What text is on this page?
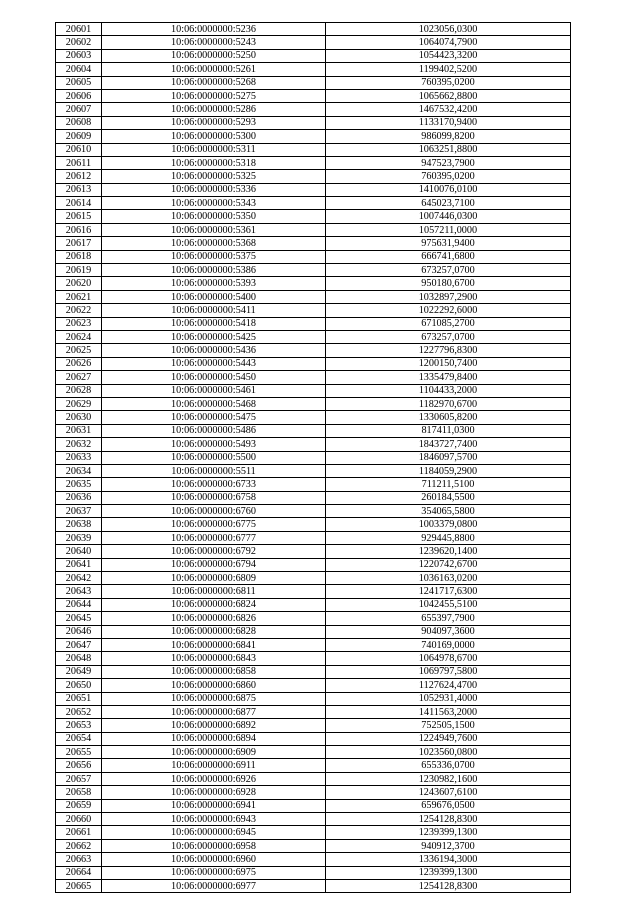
20601	10:06:0000000:5236	1023056,0300
20602	10:06:0000000:5243	1064074,7900
20603	10:06:0000000:5250	1054423,3200
20604	10:06:0000000:5261	1199402,5200
20605	10:06:0000000:5268	760395,0200
20606	10:06:0000000:5275	1065662,8800
20607	10:06:0000000:5286	1467532,4200
20608	10:06:0000000:5293	1133170,9400
20609	10:06:0000000:5300	986099,8200
20610	10:06:0000000:5311	1063251,8800
20611	10:06:0000000:5318	947523,7900
20612	10:06:0000000:5325	760395,0200
20613	10:06:0000000:5336	1410076,0100
20614	10:06:0000000:5343	645023,7100
20615	10:06:0000000:5350	1007446,0300
20616	10:06:0000000:5361	1057211,0000
20617	10:06:0000000:5368	975631,9400
20618	10:06:0000000:5375	666741,6800
20619	10:06:0000000:5386	673257,0700
20620	10:06:0000000:5393	950180,6700
20621	10:06:0000000:5400	1032897,2900
20622	10:06:0000000:5411	1022292,6000
20623	10:06:0000000:5418	671085,2700
20624	10:06:0000000:5425	673257,0700
20625	10:06:0000000:5436	1227796,8300
20626	10:06:0000000:5443	1200150,7400
20627	10:06:0000000:5450	1335479,8400
20628	10:06:0000000:5461	1104433,2000
20629	10:06:0000000:5468	1182970,6700
20630	10:06:0000000:5475	1330605,8200
20631	10:06:0000000:5486	817411,0300
20632	10:06:0000000:5493	1843727,7400
20633	10:06:0000000:5500	1846097,5700
20634	10:06:0000000:5511	1184059,2900
20635	10:06:0000000:6733	711211,5100
20636	10:06:0000000:6758	260184,5500
20637	10:06:0000000:6760	354065,5800
20638	10:06:0000000:6775	1003379,0800
20639	10:06:0000000:6777	929445,8800
20640	10:06:0000000:6792	1239620,1400
20641	10:06:0000000:6794	1220742,6700
20642	10:06:0000000:6809	1036163,0200
20643	10:06:0000000:6811	1241717,6300
20644	10:06:0000000:6824	1042455,5100
20645	10:06:0000000:6826	655397,7900
20646	10:06:0000000:6828	904097,3600
20647	10:06:0000000:6841	740169,0000
20648	10:06:0000000:6843	1064978,6700
20649	10:06:0000000:6858	1069797,5800
20650	10:06:0000000:6860	1127624,4700
20651	10:06:0000000:6875	1052931,4000
20652	10:06:0000000:6877	1411563,2000
20653	10:06:0000000:6892	752505,1500
20654	10:06:0000000:6894	1224949,7600
20655	10:06:0000000:6909	1023560,0800
20656	10:06:0000000:6911	655336,0700
20657	10:06:0000000:6926	1230982,1600
20658	10:06:0000000:6928	1243607,6100
20659	10:06:0000000:6941	659676,0500
20660	10:06:0000000:6943	1254128,8300
20661	10:06:0000000:6945	1239399,1300
20662	10:06:0000000:6958	940912,3700
20663	10:06:0000000:6960	1336194,3000
20664	10:06:0000000:6975	1239399,1300
20665	10:06:0000000:6977	1254128,8300
